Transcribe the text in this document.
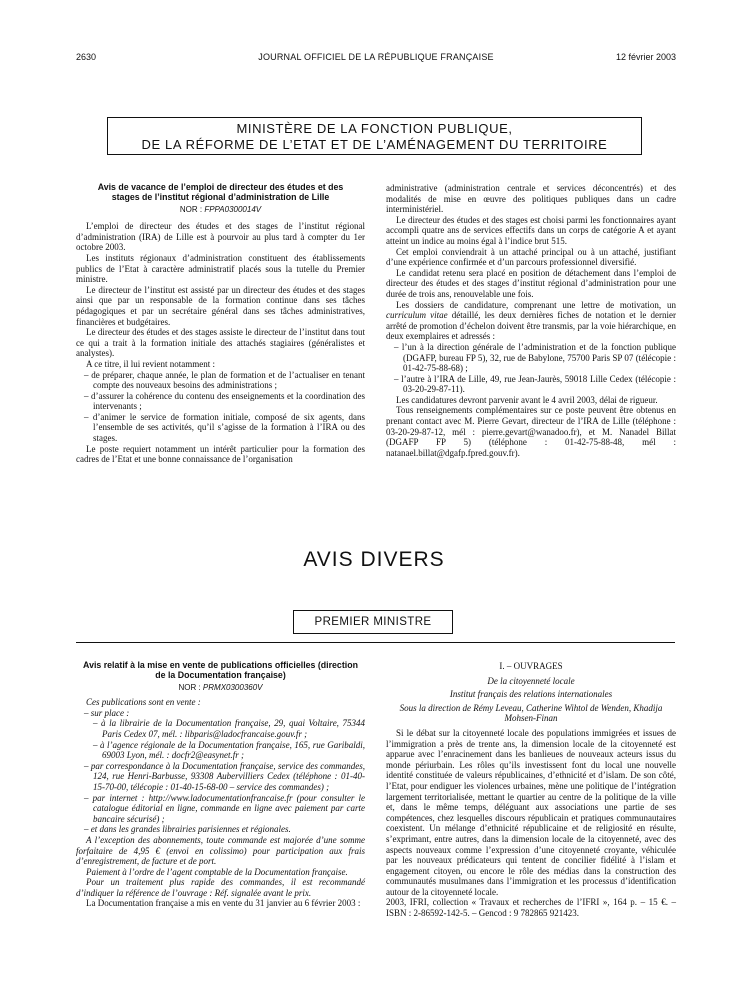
2630	JOURNAL OFFICIEL DE LA RÉPUBLIQUE FRANÇAISE	12 février 2003
MINISTÈRE DE LA FONCTION PUBLIQUE,
DE LA RÉFORME DE L’ETAT ET DE L’AMÉNAGEMENT DU TERRITOIRE
Avis de vacance de l’emploi de directeur des études et des stages de l’institut régional d’administration de Lille
NOR : FPPA0300014V

L’emploi de directeur des études et des stages de l’institut régional d’administration (IRA) de Lille est à pourvoir au plus tard à compter du 1er octobre 2003.

Les instituts régionaux d’administration constituent des établissements publics de l’Etat à caractère administratif placés sous la tutelle du Premier ministre.

Le directeur de l’institut est assisté par un directeur des études et des stages ainsi que par un responsable de la formation continue dans ses tâches pédagogiques et par un secrétaire général dans ses tâches administratives, financières et budgétaires.

Le directeur des études et des stages assiste le directeur de l’institut dans tout ce qui a trait à la formation initiale des attachés stagiaires (généralistes et analystes).

A ce titre, il lui revient notamment :

– de préparer, chaque année, le plan de formation et de l’actualiser en tenant compte des nouveaux besoins des administrations ;

– d’assurer la cohérence du contenu des enseignements et la coordination des intervenants ;

– d’animer le service de formation initiale, composé de six agents, dans l’ensemble de ses activités, qu’il s’agisse de la formation à l’IRA ou des stages.

Le poste requiert notamment un intérêt particulier pour la formation des cadres de l’Etat et une bonne connaissance de l’organisation

administrative (administration centrale et services déconcentrés) et des modalités de mise en œuvre des politiques publiques dans un cadre interministériel.

Le directeur des études et des stages est choisi parmi les fonctionnaires ayant accompli quatre ans de services effectifs dans un corps de catégorie A et ayant atteint un indice au moins égal à l’indice brut 515.

Cet emploi conviendrait à un attaché principal ou à un attaché, justifiant d’une expérience confirmée et d’un parcours professionnel diversifié.

Le candidat retenu sera placé en position de détachement dans l’emploi de directeur des études et des stages d’institut régional d’administration pour une durée de trois ans, renouvelable une fois.

Les dossiers de candidature, comprenant une lettre de motivation, un curriculum vitae détaillé, les deux dernières fiches de notation et le dernier arrêté de promotion d’échelon doivent être transmis, par la voie hiérarchique, en deux exemplaires et adressés :

– l’un à la direction générale de l’administration et de la fonction publique (DGAFP, bureau FP 5), 32, rue de Babylone, 75700 Paris SP 07 (télécopie : 01-42-75-88-68) ;

– l’autre à l’IRA de Lille, 49, rue Jean-Jaurès, 59018 Lille Cedex (télécopie : 03-20-29-87-11).

Les candidatures devront parvenir avant le 4 avril 2003, délai de rigueur.

Tous renseignements complémentaires sur ce poste peuvent être obtenus en prenant contact avec M. Pierre Gevart, directeur de l’IRA de Lille (téléphone : 03-20-29-87-12, mél : pierre.gevart@wanadoo.fr), et M. Nanadel Billat (DGAFP FP 5) (téléphone : 01-42-75-88-48, mél : natanael.billat@dgafp.fpred.gouv.fr).

AVIS DIVERS
PREMIER MINISTRE
Avis relatif à la mise en vente de publications officielles (direction de la Documentation française)
NOR : PRMX0300360V

Ces publications sont en vente :

– sur place :

– à la librairie de la Documentation française, 29, quai Voltaire, 75344 Paris Cedex 07, mél. : libparis@ladocfrancaise.gouv.fr ;

– à l’agence régionale de la Documentation française, 165, rue Garibaldi, 69003 Lyon, mél. : docfr2@easynet.fr ;

– par correspondance à la Documentation française, service des commandes, 124, rue Henri-Barbusse, 93308 Aubervilliers Cedex (téléphone : 01-40-15-70-00, télécopie : 01-40-15-68-00 – service des commandes) ;

– par internet : http://www.ladocumentationfrancaise.fr (pour consulter le catalogue éditorial en ligne, commande en ligne avec paiement par carte bancaire sécurisé) ;

– et dans les grandes librairies parisiennes et régionales.

A l’exception des abonnements, toute commande est majorée d’une somme forfaitaire de 4,95 € (envoi en colissimo) pour participation aux frais d’enregistrement, de facture et de port.

Paiement à l’ordre de l’agent comptable de la Documentation française.

Pour un traitement plus rapide des commandes, il est recommandé d’indiquer la référence de l’ouvrage : Réf. signalée avant le prix.

La Documentation française a mis en vente du 31 janvier au 6 février 2003 :

I. – OUVRAGES
De la citoyenneté locale
Institut français des relations internationales
Sous la direction de Rémy Leveau, Catherine Wihtol de Wenden, Khadija Mohsen-Finan

Si le débat sur la citoyenneté locale des populations immigrées et issues de l’immigration a près de trente ans, la dimension locale de la citoyenneté est apparue avec l’enracinement dans les banlieues de nouveaux acteurs issus du monde périurbain. Les rôles qu’ils investissent font du local une nouvelle identité constituée de valeurs républicaines, d’ethnicité et d’islam. De son côté, l’Etat, pour endiguer les violences urbaines, mène une politique de l’intégration largement territorialisée, mettant le quartier au centre de la politique de la ville et, dans le même temps, déléguant aux associations une partie de ses compétences, chez lesquelles discours républicain et pratiques communautaires coexistent. Un mélange d’ethnicité républicaine et de religiosité en résulte, s’exprimant, entre autres, dans la dimension locale de la citoyenneté, avec des aspects nouveaux comme l’expression d’une citoyenneté croyante, véhiculée par les nouveaux prédicateurs qui tentent de concilier fidélité à l’islam et engagement citoyen, ou encore le rôle des médias dans la construction des communautés musulmanes dans l’immigration et les processus d’identification autour de la citoyenneté locale.

2003, IFRI, collection « Travaux et recherches de l’IFRI », 164 p. – 15 €. – ISBN : 2-86592-142-5. – Gencod : 9 782865 921423.
